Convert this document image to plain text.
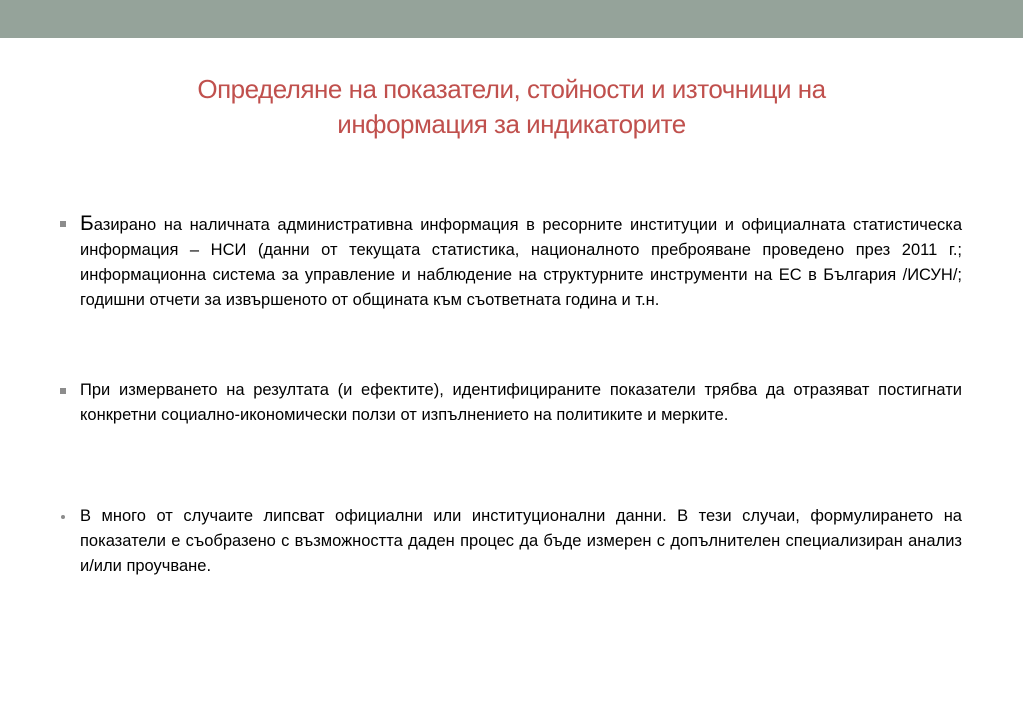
Определяне на показатели, стойности и източници на
информация за индикаторите
Базирано на наличната административна информация в ресорните институции и официалната статистическа информация – НСИ (данни от текущата статистика, националното преброяване проведено през 2011 г.; информационна система за управление и наблюдение на структурните инструменти на ЕС в България /ИСУН/; годишни отчети за извършеното от общината към съответната година и т.н.
При измерването на резултата (и ефектите), идентифицираните показатели трябва да отразяват постигнати конкретни социално-икономически ползи от изпълнението на политиките и мерките.
В много от случаите липсват официални или институционални данни. В тези случаи, формулирането на показатели е съобразено с възможността даден процес да бъде измерен с допълнителен специализиран анализ и/или проучване.
